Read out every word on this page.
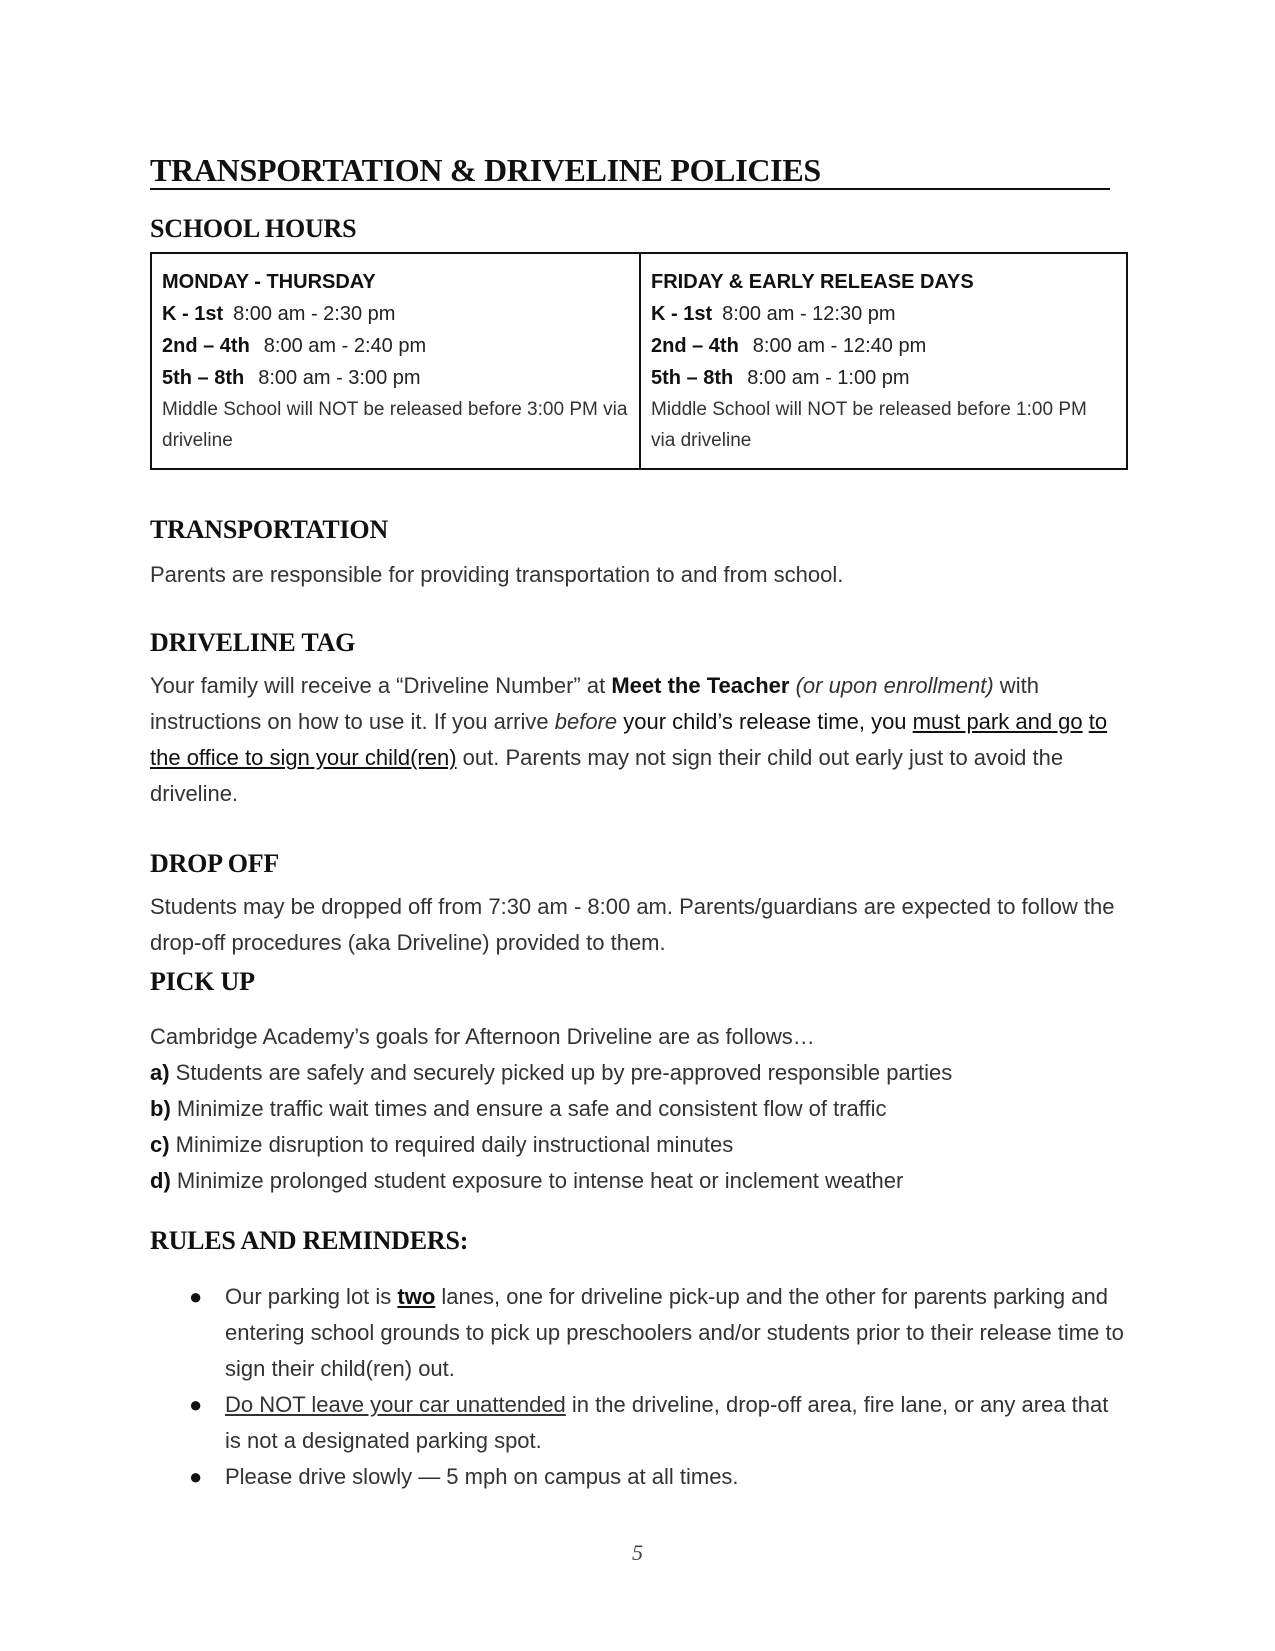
TRANSPORTATION & DRIVELINE POLICIES
SCHOOL HOURS
MONDAY - THURSDAY
K - 1st 8:00 am - 2:30 pm
2nd – 4th 8:00 am - 2:40 pm
5th – 8th 8:00 am - 3:00 pm
Middle School will NOT be released before 3:00 PM via driveline
FRIDAY & EARLY RELEASE DAYS
K - 1st 8:00 am - 12:30 pm
2nd – 4th 8:00 am - 12:40 pm
5th – 8th 8:00 am - 1:00 pm
Middle School will NOT be released before 1:00 PM via driveline
TRANSPORTATION
Parents are responsible for providing transportation to and from school.
DRIVELINE TAG
Your family will receive a “Driveline Number” at Meet the Teacher (or upon enrollment) with instructions on how to use it. If you arrive before your child’s release time, you must park and go to the office to sign your child(ren) out. Parents may not sign their child out early just to avoid the driveline.
DROP OFF
Students may be dropped off from 7:30 am - 8:00 am. Parents/guardians are expected to follow the drop-off procedures (aka Driveline) provided to them.
PICK UP
Cambridge Academy’s goals for Afternoon Driveline are as follows…
a) Students are safely and securely picked up by pre-approved responsible parties
b) Minimize traffic wait times and ensure a safe and consistent flow of traffic
c) Minimize disruption to required daily instructional minutes
d) Minimize prolonged student exposure to intense heat or inclement weather
RULES AND REMINDERS:
● Our parking lot is two lanes, one for driveline pick-up and the other for parents parking and entering school grounds to pick up preschoolers and/or students prior to their release time to sign their child(ren) out.
● Do NOT leave your car unattended in the driveline, drop-off area, fire lane, or any area that is not a designated parking spot.
● Please drive slowly — 5 mph on campus at all times.
5
